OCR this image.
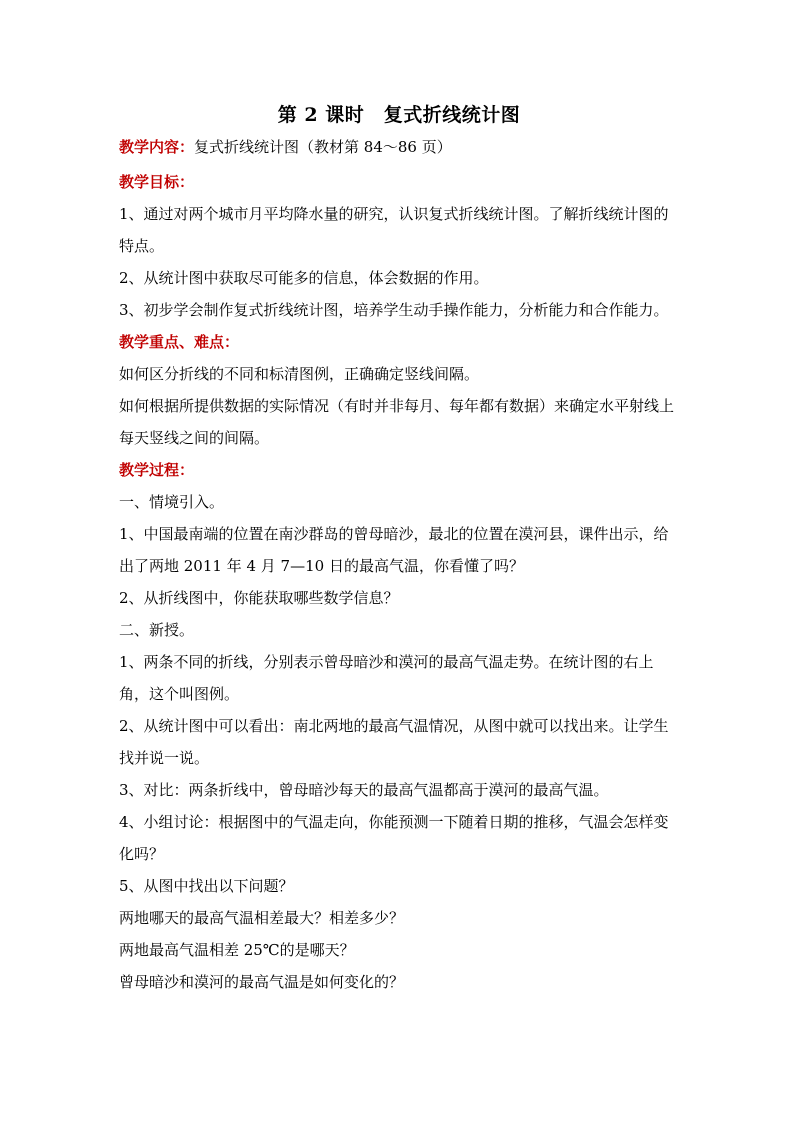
第 2 课时　复式折线统计图
教学内容：复式折线统计图（教材第 84～86 页）
教学目标：
1、通过对两个城市月平均降水量的研究，认识复式折线统计图。了解折线统计图的特点。
2、从统计图中获取尽可能多的信息，体会数据的作用。
3、初步学会制作复式折线统计图，培养学生动手操作能力，分析能力和合作能力。
教学重点、难点：
如何区分折线的不同和标清图例，正确确定竖线间隔。
如何根据所提供数据的实际情况（有时并非每月、每年都有数据）来确定水平射线上每天竖线之间的间隔。
教学过程：
一、情境引入。
1、中国最南端的位置在南沙群岛的曾母暗沙，最北的位置在漠河县，课件出示，给出了两地 2011 年 4 月 7—10 日的最高气温，你看懂了吗？
2、从折线图中，你能获取哪些数学信息？
二、新授。
1、两条不同的折线，分别表示曾母暗沙和漠河的最高气温走势。在统计图的右上角，这个叫图例。
2、从统计图中可以看出：南北两地的最高气温情况，从图中就可以找出来。让学生找并说一说。
3、对比：两条折线中，曾母暗沙每天的最高气温都高于漠河的最高气温。
4、小组讨论：根据图中的气温走向，你能预测一下随着日期的推移，气温会怎样变化吗？
5、从图中找出以下问题？
两地哪天的最高气温相差最大？相差多少？
两地最高气温相差 25℃的是哪天？
曾母暗沙和漠河的最高气温是如何变化的？
